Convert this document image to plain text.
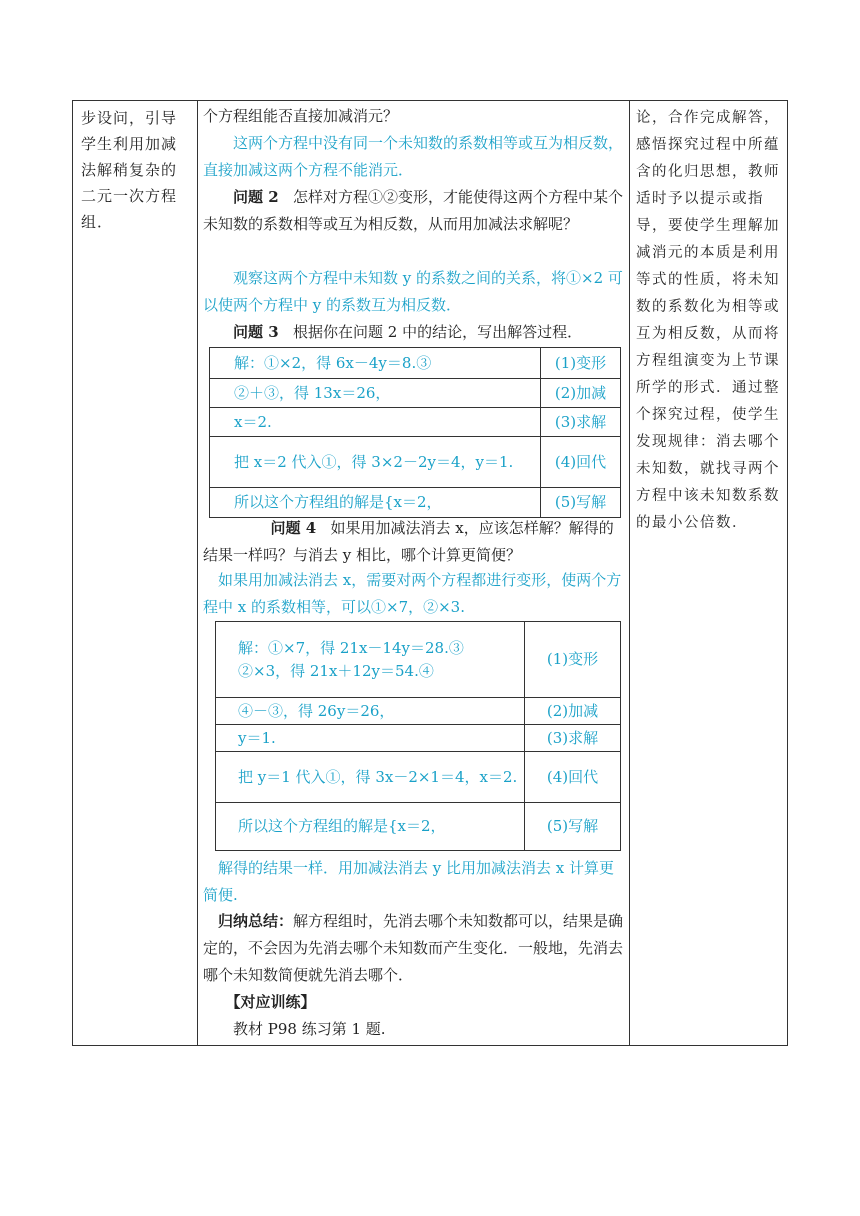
步设问，引导学生利用加减法解稍复杂的二元一次方程组．
个方程组能否直接加减消元？
这两个方程中没有同一个未知数的系数相等或互为相反数，直接加减这两个方程不能消元．
问题 2 怎样对方程①②变形，才能使得这两个方程中某个未知数的系数相等或互为相反数，从而用加减法求解呢？
观察这两个方程中未知数 y 的系数之间的关系，将①×2 可以使两个方程中 y 的系数互为相反数．
问题 3 根据你在问题 2 中的结论，写出解答过程．
解：①×2，得 6x－4y＝8.③	(1)变形
②＋③，得 13x＝26，	(2)加减
x＝2.	(3)求解
把 x＝2 代入①，得 3×2－2y＝4，y＝1.	(4)回代
所以这个方程组的解是{x＝2，	(5)写解
问题 4 如果用加减法消去 x，应该怎样解？解得的结果一样吗？与消去 y 相比，哪个计算更简便？
如果用加减法消去 x，需要对两个方程都进行变形，使两个方程中 x 的系数相等，可以①×7，②×3.
解：①×7，得 21x－14y＝28.③
②×3，得 21x＋12y＝54.④	(1)变形
④－③，得 26y＝26，	(2)加减
y＝1.	(3)求解
把 y＝1 代入①，得 3x－2×1＝4，x＝2.	(4)回代
所以这个方程组的解是{x＝2，	(5)写解
解得的结果一样．用加减法消去 y 比用加减法消去 x 计算更简便.
归纳总结：解方程组时，先消去哪个未知数都可以，结果是确定的，不会因为先消去哪个未知数而产生变化．一般地，先消去哪个未知数简便就先消去哪个．
【对应训练】
教材 P98 练习第 1 题.
论，合作完成解答，感悟探究过程中所蕴含的化归思想，教师适时予以提示或指导，要使学生理解加减消元的本质是利用等式的性质，将未知数的系数化为相等或互为相反数，从而将方程组演变为上节课所学的形式．通过整个探究过程，使学生发现规律：消去哪个未知数，就找寻两个方程中该未知数系数的最小公倍数．
